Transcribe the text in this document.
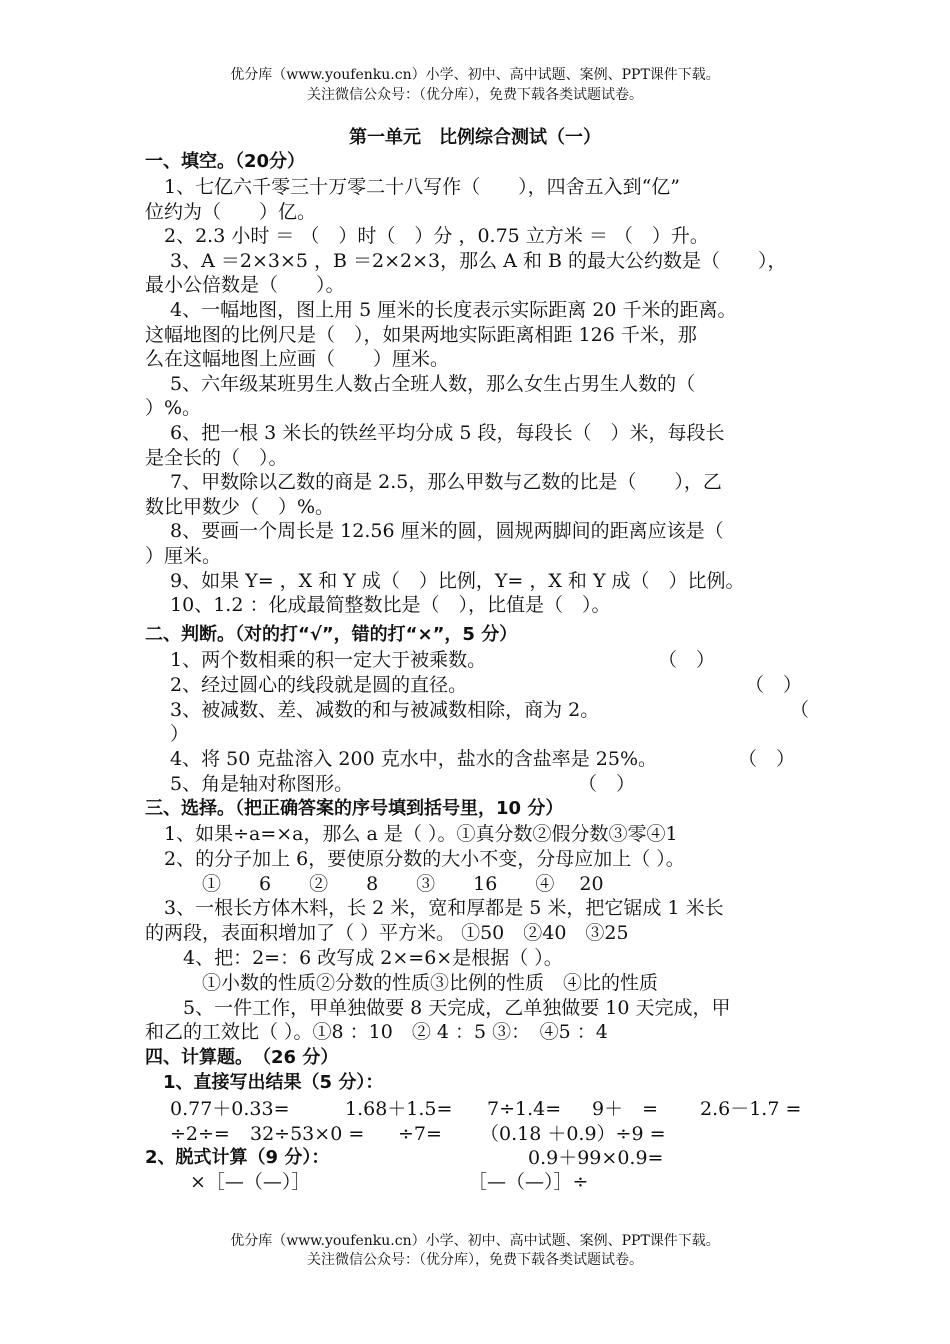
优分库（www.youfenku.cn）小学、初中、高中试题、案例、PPT课件下载。
关注微信公众号：（优分库），免费下载各类试题试卷。
第一单元　比例综合测试（一）
一、填空。（20分）
　1、七亿六千零三十万零二十八写作（　　），四舍五入到“亿”
位约为（　　）亿。
　2、2.3 小时 ＝ （　）时（　）分 ，0.75 立方米 ＝ （　）升。
　 3、A ＝2×3×5 ，B ＝2×2×3，那么 A 和 B 的最大公约数是（　　），
最小公倍数是（　　）。
　 4、一幅地图，图上用 5 厘米的长度表示实际距离 20 千米的距离。
这幅地图的比例尺是（　），如果两地实际距离相距 126 千米，那
么在这幅地图上应画（　　）厘米。
　 5、六年级某班男生人数占全班人数，那么女生占男生人数的（
）%。
　 6、把一根 3 米长的铁丝平均分成 5 段，每段长（　）米，每段长
是全长的（　）。
　 7、甲数除以乙数的商是 2.5，那么甲数与乙数的比是（　　），乙
数比甲数少（　）%。
　 8、要画一个周长是 12.56 厘米的圆，圆规两脚间的距离应该是（
）厘米。
　 9、如果 Y= ，X 和 Y 成（　）比例，Y= ，X 和 Y 成（　）比例。
　 10、1.2 ：化成最简整数比是（　），比值是（　）。
二、判断。（对的打“√”，错的打“×”，5 分）
　 1、两个数相乘的积一定大于被乘数。	（　）
　 2、经过圆心的线段就是圆的直径。	（　）
　 3、被减数、差、减数的和与被减数相除，商为 2。	（
　 ）
　 4、将 50 克盐溶入 200 克水中，盐水的含盐率是 25%。	（　）
　 5、角是轴对称图形。	（　）
三、选择。（把正确答案的序号填到括号里，10 分）
　1、如果÷a=×a，那么 a 是（ ）。①真分数②假分数③零④1
　2、的分子加上 6，要使原分数的大小不变，分母应加上（ ）。
　　　①　　6　　②　　8　　③　　16　　④　 20
　3、一根长方体木料，长 2 米，宽和厚都是 5 米，把它锯成 1 米长
的两段，表面积增加了（ ）平方米。 ①50　②40　③25
　　4、把：2=：6 改写成 2×=6×是根据（ ）。
　　　①小数的性质②分数的性质③比例的性质　④比的性质
　　5、一件工作，甲单独做要 8 天完成，乙单独做要 10 天完成，甲
和乙的工效比（ ）。①8 ：10　② 4 ：5 ③：　④5 ：4
四、计算题。　（26 分）
　1、直接写出结果（5 分）：
0.77＋0.33=	1.68＋1.5= 7÷1.4= 9＋　= 2.6－1.7 =
÷2÷= 32÷53×0 = ÷7= （0.18 ＋0.9）÷9 =
2、脱式计算（9 分）：	0.9＋99×0.9=
×［—（—）］	［—（—）］÷
优分库（www.youfenku.cn）小学、初中、高中试题、案例、PPT课件下载。
关注微信公众号：（优分库），免费下载各类试题试卷。
